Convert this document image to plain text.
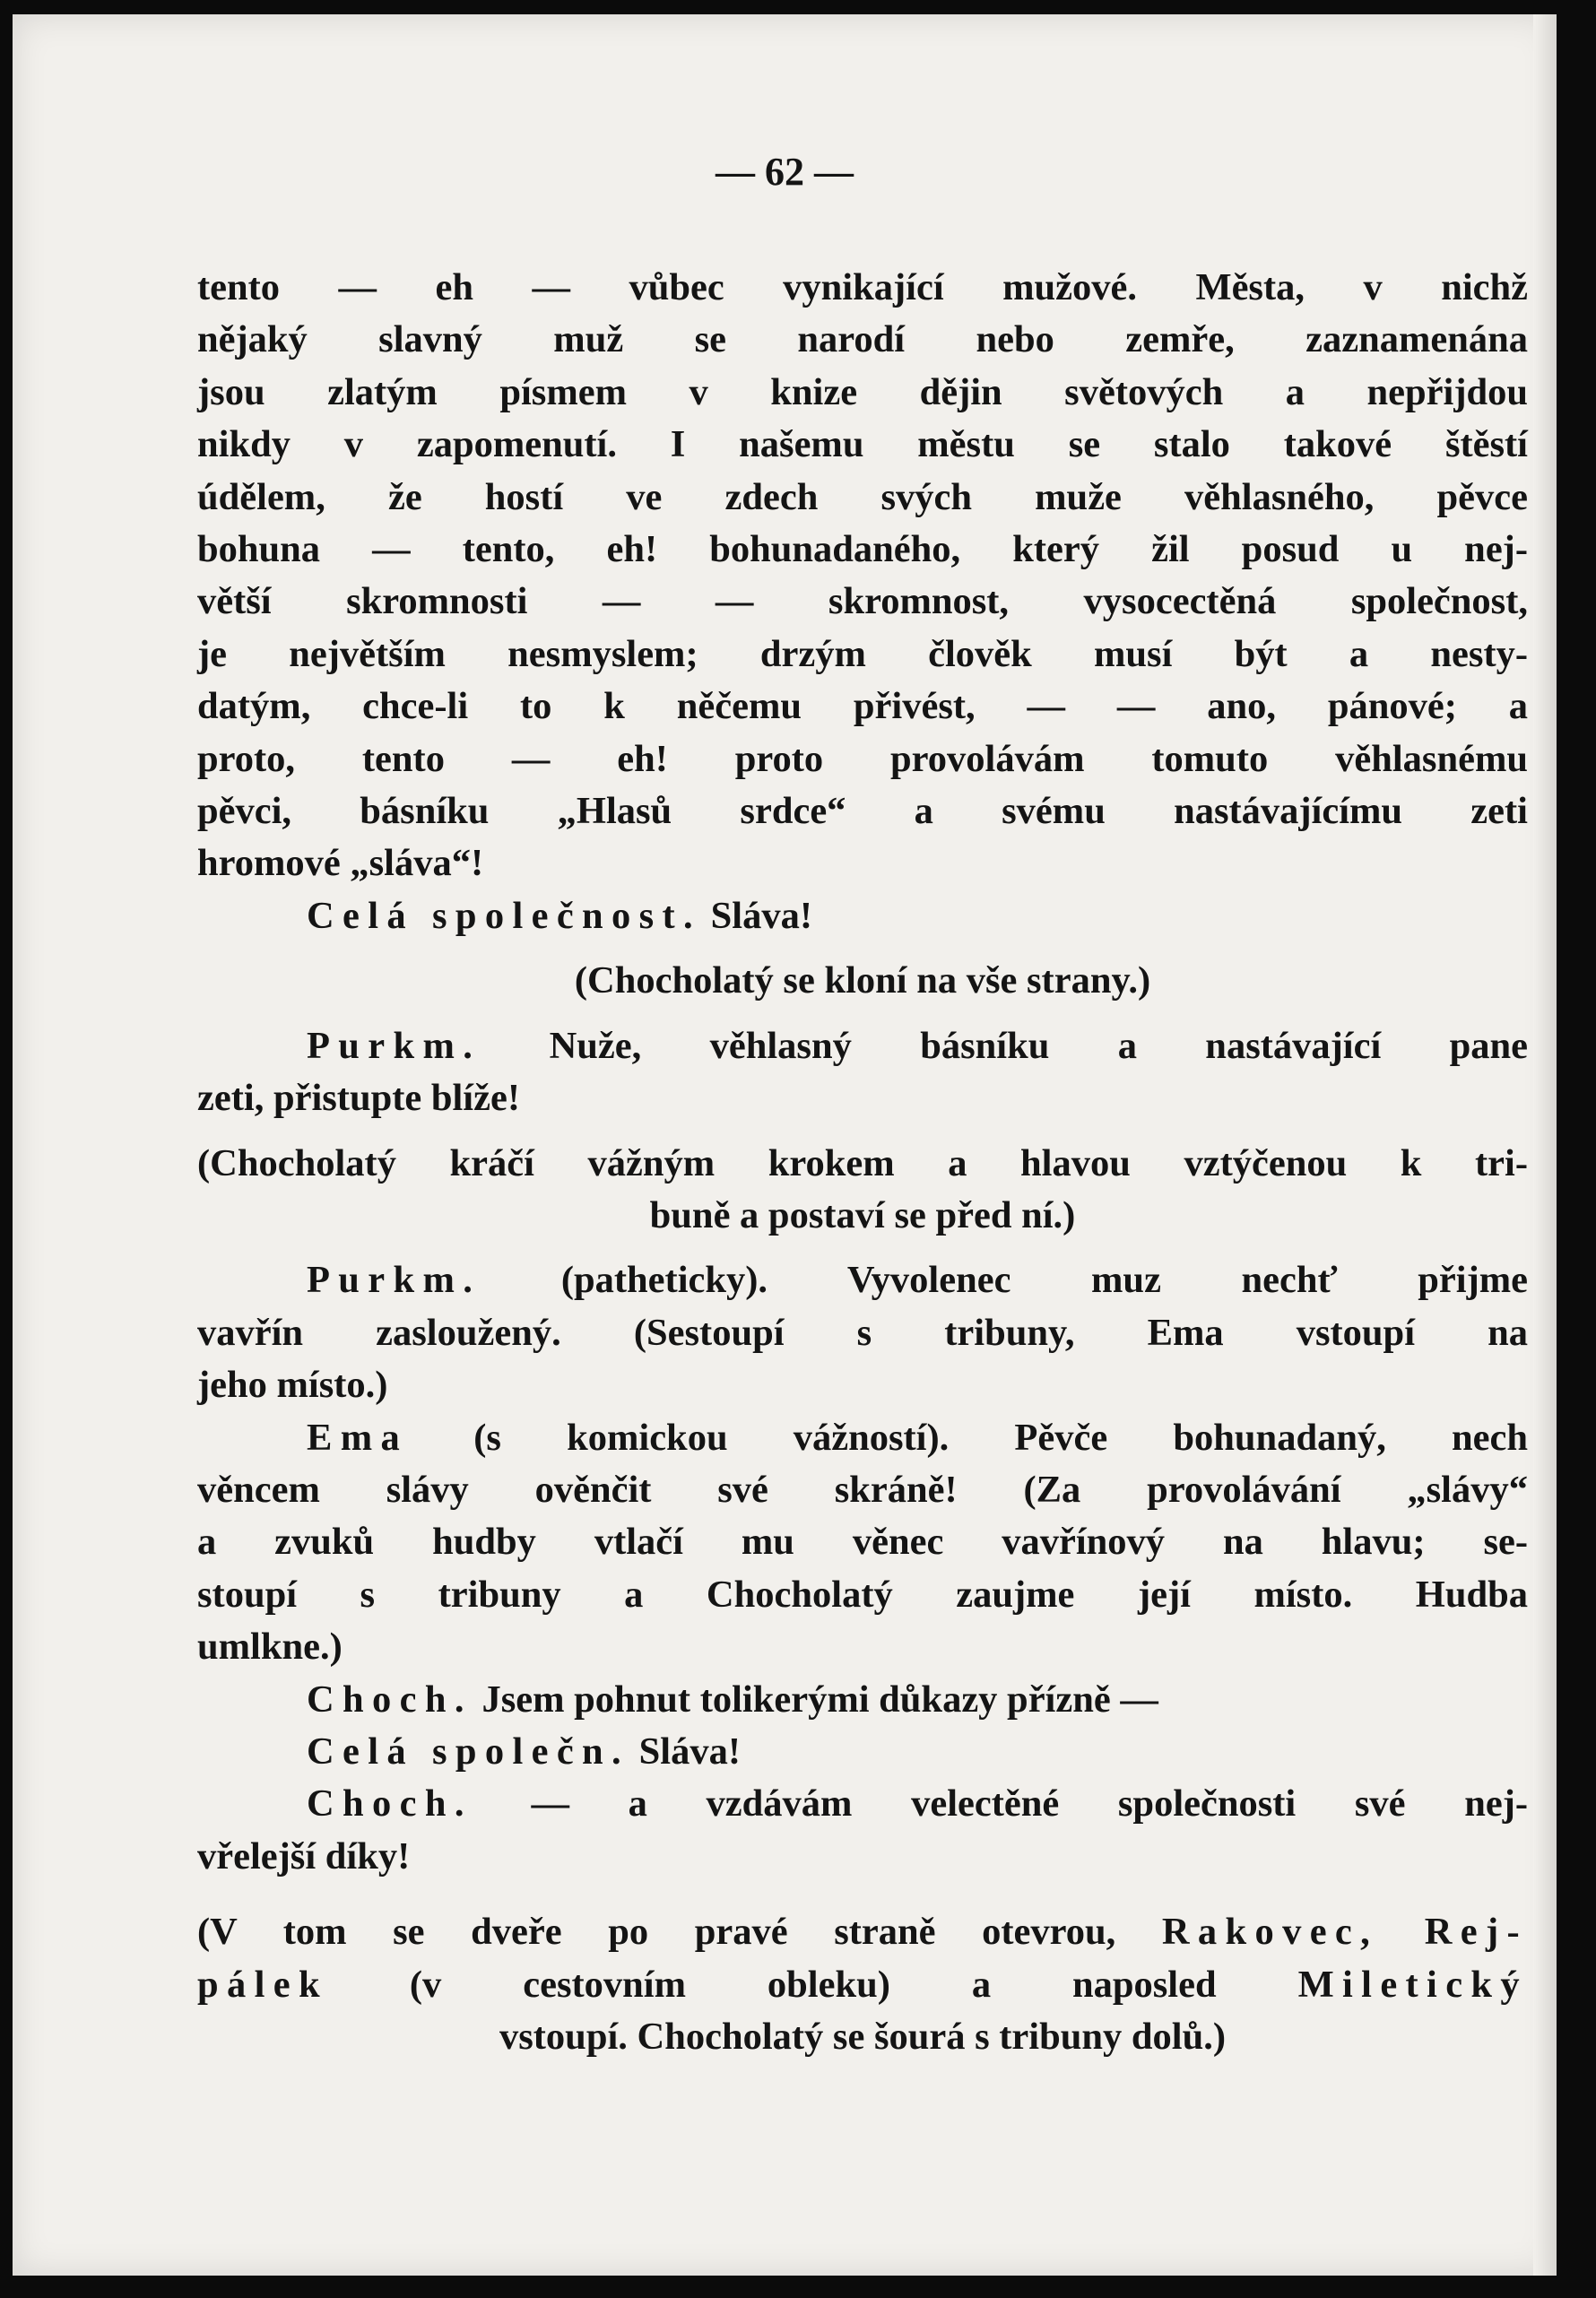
— 62 —
tento — eh — vůbec vynikající mužové. Města, v nichž
nějaký slavný muž se narodí nebo zemře, zaznamenána
jsou zlatým písmem v knize dějin světových a nepřijdou
nikdy v zapomenutí. I našemu městu se stalo takové štěstí
údělem, že hostí ve zdech svých muže věhlasného, pěvce
bohuna — tento, eh! bohunadaného, který žil posud u nej-
větší skromnosti — — skromnost, vysocectěná společnost,
je největším nesmyslem; drzým člověk musí být a nesty-
datým, chce-li to k něčemu přivést, — — ano, pánové; a
proto, tento — eh! proto provolávám tomuto věhlasnému
pěvci, básníku „Hlasů srdce“ a svému nastávajícímu zeti
hromové „sláva“!
Celá společnost. Sláva!
(Chocholatý se kloní na vše strany.)
Purkm. Nuže, věhlasný básníku a nastávající pane
zeti, přistupte blíže!
(Chocholatý kráčí vážným krokem a hlavou vztýčenou k tri-
buně a postaví se před ní.)
Purkm. (patheticky). Vyvolenec muz nechť přijme
vavřín zasloužený. (Sestoupí s tribuny, Ema vstoupí na
jeho místo.)
Ema (s komickou vážností). Pěvče bohunadaný, nech
věncem slávy ověnčit své skráně! (Za provolávání „slávy“
a zvuků hudby vtlačí mu věnec vavřínový na hlavu; se-
stoupí s tribuny a Chocholatý zaujme její místo. Hudba
umlkne.)
Choch. Jsem pohnut tolikerými důkazy přízně —
Celá společn. Sláva!
Choch. — a vzdávám velectěné společnosti své nej-
vřelejší díky!
(V tom se dveře po pravé straně otevrou, Rakovec, Rej-
pálek (v cestovním obleku) a naposled Miletický
vstoupí. Chocholatý se šourá s tribuny dolů.)
